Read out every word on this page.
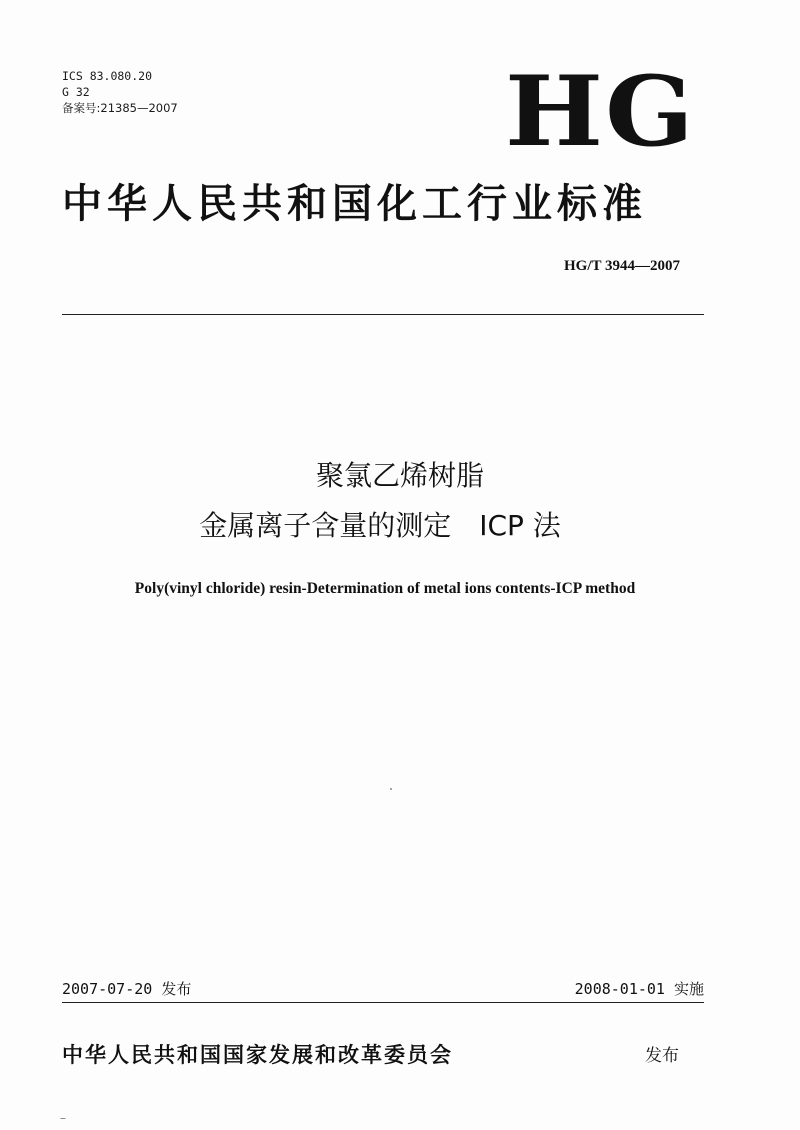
ICS 83.080.20
G 32
备案号:21385—2007	HG
中华人民共和国化工行业标准
HG/T 3944—2007
聚氯乙烯树脂
金属离子含量的测定　ICP 法
Poly(vinyl chloride) resin-Determination of metal ions contents-ICP method
2007-07-20 发布	2008-01-01 实施
中华人民共和国国家发展和改革委员会	发布
